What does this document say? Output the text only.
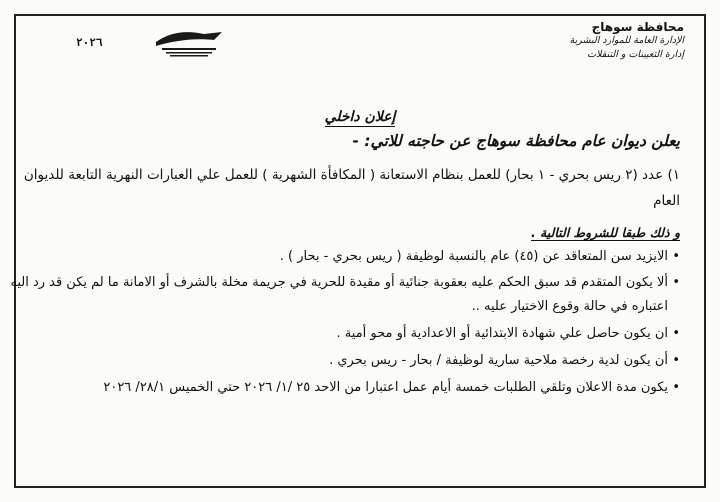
محافظة سوهاج
الإدارة العامة للموارد البشرية
إدارة التعيينات و التنقلات
٢٠٢٦
إعلان داخلي
يعلن ديوان عام محافظة سوهاج عن حاجته للاتي: -
١) عدد (٢ ريس بحري - ١ بحار) للعمل بنظام الاستعانة ( المكافأة الشهرية ) للعمل علي العبارات النهرية التابعة للديوان العام
و ذلك طبقا للشروط التالية .
• الايزيد سن المتعاقد عن (٤٥) عام بالنسبة لوظيفة ( ريس بحري - بحار ) .
• ألا يكون المتقدم قد سبق الحكم عليه بعقوبة جنائية أو مقيدة للحرية في جريمة مخلة بالشرف أو الامانة ما لم يكن قد رد اليه اعتباره في حالة وقوع الاختيار عليه ..
• ان يكون حاصل علي شهادة الابتدائية أو الاعدادية أو محو أمية .
• أن يكون لدية رخصة ملاحية سارية لوظيفة / بحار - ريس بحري .
• يكون مدة الاعلان وتلقي الطلبات خمسة أيام عمل اعتبارا من الاحد ٢٥ /١/ ٢٠٢٦ حتي الخميس ٢٨/١/ ٢٠٢٦
